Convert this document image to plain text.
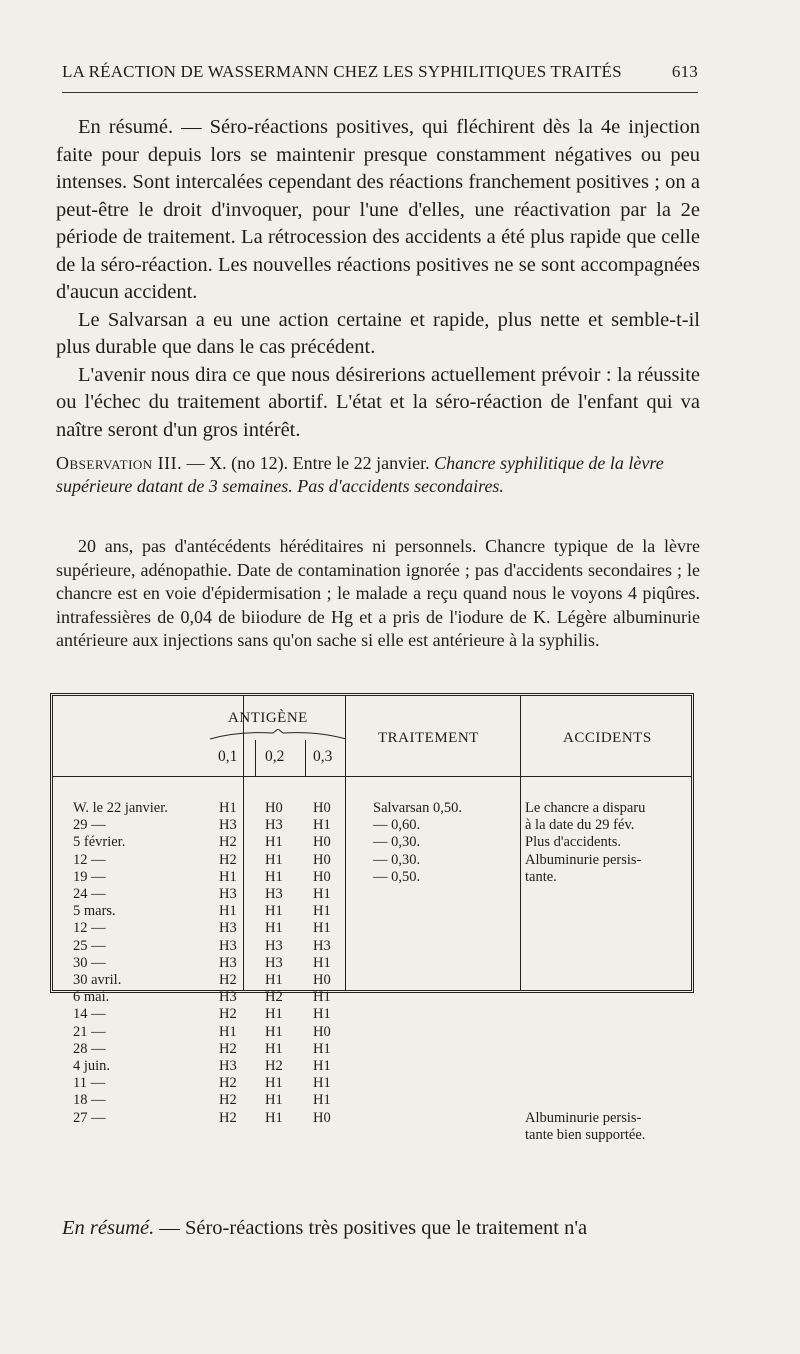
LA RÉACTION DE WASSERMANN CHEZ LES SYPHILITIQUES TRAITÉS	613

En résumé. — Séro-réactions positives, qui fléchirent dès la 4e injection faite pour depuis lors se maintenir presque constamment négatives ou peu intenses. Sont intercalées cependant des réactions franchement positives ; on a peut-être le droit d'invoquer, pour l'une d'elles, une réactivation par la 2e période de traitement. La rétrocession des accidents a été plus rapide que celle de la séro-réaction. Les nouvelles réactions positives ne se sont accompagnées d'aucun accident.

Le Salvarsan a eu une action certaine et rapide, plus nette et semble-t-il plus durable que dans le cas précédent.

L'avenir nous dira ce que nous désirerions actuellement prévoir : la réussite ou l'échec du traitement abortif. L'état et la séro-réaction de l'enfant qui va naître seront d'un gros intérêt.

Observation III. — X. (no 12). Entre le 22 janvier. Chancre syphilitique de la lèvre supérieure datant de 3 semaines. Pas d'accidents secondaires.

20 ans, pas d'antécédents héréditaires ni personnels. Chancre typique de la lèvre supérieure, adénopathie. Date de contamination ignorée ; pas d'accidents secondaires ; le chancre est en voie d'épidermisation ; le malade a reçu quand nous le voyons 4 piqûres. intrafessières de 0,04 de biiodure de Hg et a pris de l'iodure de K. Légère albuminurie antérieure aux injections sans qu'on sache si elle est antérieure à la syphilis.

ANTIGÈNE
0,1 0,2 0,3
TRAITEMENT	ACCIDENTS
W. le 22 janvier.	H1 H0 H0	Salvarsan 0,50.	Le chancre a disparu
29 —	H3 H3 H1	— 0,60.	à la date du 29 fév.
5 février.	H2 H1 H0	— 0,30.	Plus d'accidents.
12 —	H2 H1 H0	— 0,30.	Albuminurie persis-
19 —	H1 H1 H0	— 0,50.	tante.
24 —	H3 H3 H1
5 mars.	H1 H1 H1
12 —	H3 H1 H1
25 —	H3 H3 H3
30 —	H3 H3 H1
30 avril.	H2 H1 H0
6 mai.	H3 H2 H1
14 —	H2 H1 H1
21 —	H1 H1 H0
28 —	H2 H1 H1
4 juin.	H3 H2 H1
11 —	H2 H1 H1
18 —	H2 H1 H1
27 —	H2 H1 H0	Albuminurie persis-
tante bien supportée.
En résumé. — Séro-réactions très positives que le traitement n'a
